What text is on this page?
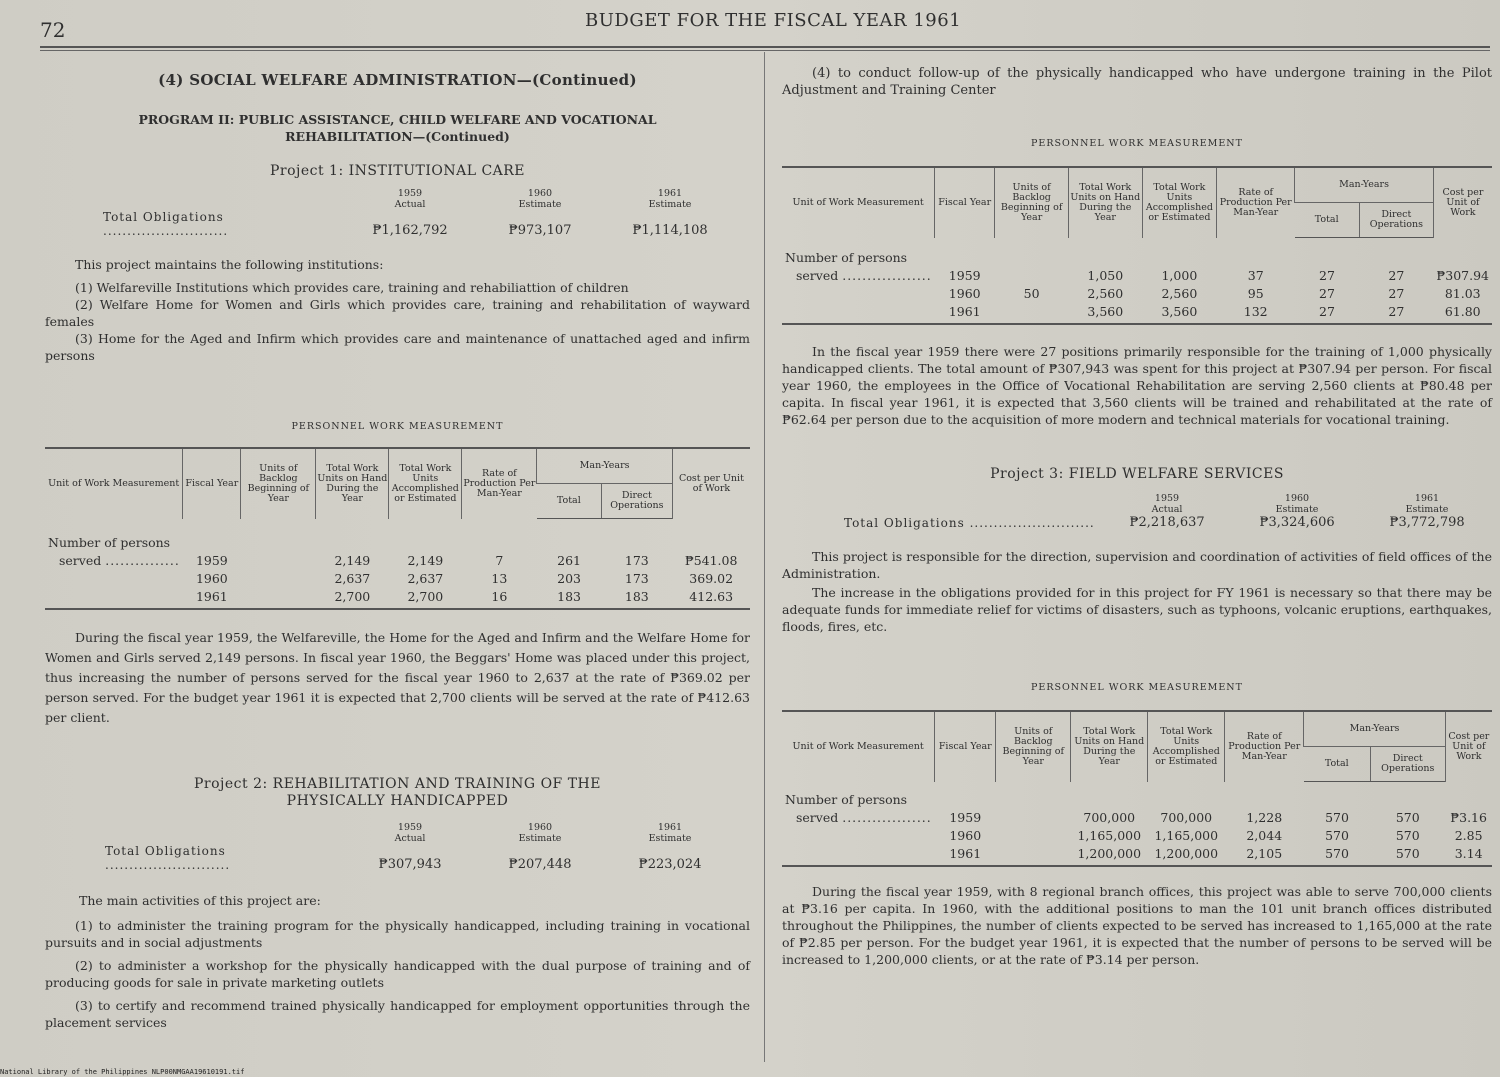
72	BUDGET FOR THE FISCAL YEAR 1961
(4) SOCIAL WELFARE ADMINISTRATION—(Continued)
PROGRAM II: PUBLIC ASSISTANCE, CHILD WELFARE AND VOCATIONAL REHABILITATION—(Continued)
Project 1: INSTITUTIONAL CARE
1959
Actual
1960
Estimate
1961
Estimate
Total Obligations ..........................	₱1,162,792	₱973,107	₱1,114,108

This project maintains the following institutions:

(1) Welfareville Institutions which provides care, training and rehabiliattion of children

(2) Welfare Home for Women and Girls which provides care, training and rehabilitation of wayward females

(3) Home for the Aged and Infirm which provides care and maintenance of unattached aged and infirm persons

PERSONNEL WORK MEASUREMENT

Unit of Work Measurement	Fiscal Year	Units of Backlog Beginning of Year	Total Work Units on Hand During the Year	Total Work Units Accomplished or Estimated	Rate of Production Per Man-Year	Man-Years		Cost per Unit of Work
						Total	Direct Operations	

Number of persons								
served ...............	1959		2,149	2,149	7	261	173	₱541.08
	1960		2,637	2,637	13	203	173	369.02
	1961		2,700	2,700	16	183	183	412.63

During the fiscal year 1959, the Welfareville, the Home for the Aged and Infirm and the Welfare Home for Women and Girls served 2,149 persons. In fiscal year 1960, the Beggars' Home was placed under this project, thus increasing the number of persons served for the fiscal year 1960 to 2,637 at the rate of ₱369.02 per person served. For the budget year 1961 it is expected that 2,700 clients will be served at the rate of ₱412.63 per client.

Project 2: REHABILITATION AND TRAINING OF THE
PHYSICALLY HANDICAPPED
1959
Actual
1960
Estimate
1961
Estimate
Total Obligations ..........................	₱307,943	₱207,448	₱223,024

The main activities of this project are:

(1) to administer the training program for the physically handicapped, including training in vocational pursuits and in social adjustments

(2) to administer a workshop for the physically handicapped with the dual purpose of training and of producing goods for sale in private marketing outlets

(3) to certify and recommend trained physically handicapped for employment opportunities through the placement services

(4) to conduct follow-up of the physically handicapped who have undergone training in the Pilot Adjustment and Training Center

PERSONNEL WORK MEASUREMENT

Unit of Work Measurement	Fiscal Year	Units of Backlog Beginning of Year	Total Work Units on Hand During the Year	Total Work Units Accomplished or Estimated	Rate of Production Per Man-Year	Man-Years		Cost per Unit of Work
						Total	Direct Operations	

Number of persons								
served ..................	1959		1,050	1,000	37	27	27	₱307.94
	1960	50	2,560	2,560	95	27	27	81.03
	1961		3,560	3,560	132	27	27	61.80

In the fiscal year 1959 there were 27 positions primarily responsible for the training of 1,000 physically handicapped clients. The total amount of ₱307,943 was spent for this project at ₱307.94 per person. For fiscal year 1960, the employees in the Office of Vocational Rehabilitation are serving 2,560 clients at ₱80.48 per capita. In fiscal year 1961, it is expected that 3,560 clients will be trained and rehabilitated at the rate of ₱62.64 per person due to the acquisition of more modern and technical materials for vocational training.

Project 3: FIELD WELFARE SERVICES
1959
Actual
1960
Estimate
1961
Estimate
Total Obligations ..........................	₱2,218,637	₱3,324,606	₱3,772,798

This project is responsible for the direction, supervision and coordination of activities of field offices of the Administration.

The increase in the obligations provided for in this project for FY 1961 is necessary so that there may be adequate funds for immediate relief for victims of disasters, such as typhoons, volcanic eruptions, earthquakes, floods, fires, etc.

PERSONNEL WORK MEASUREMENT

Unit of Work Measurement	Fiscal Year	Units of Backlog Beginning of Year	Total Work Units on Hand During the Year	Total Work Units Accomplished or Estimated	Rate of Production Per Man-Year	Man-Years		Cost per Unit of Work
						Total	Direct Operations	

Number of persons								
served ..................	1959		700,000	700,000	1,228	570	570	₱3.16
	1960		1,165,000	1,165,000	2,044	570	570	2.85
	1961		1,200,000	1,200,000	2,105	570	570	3.14

During the fiscal year 1959, with 8 regional branch offices, this project was able to serve 700,000 clients at ₱3.16 per capita. In 1960, with the additional positions to man the 101 unit branch offices distributed throughout the Philippines, the number of clients expected to be served has increased to 1,165,000 at the rate of ₱2.85 per person. For the budget year 1961, it is expected that the number of persons to be served will be increased to 1,200,000 clients, or at the rate of ₱3.14 per person.

National Library of the Philippines NLP00NMGAA19610191.tif
